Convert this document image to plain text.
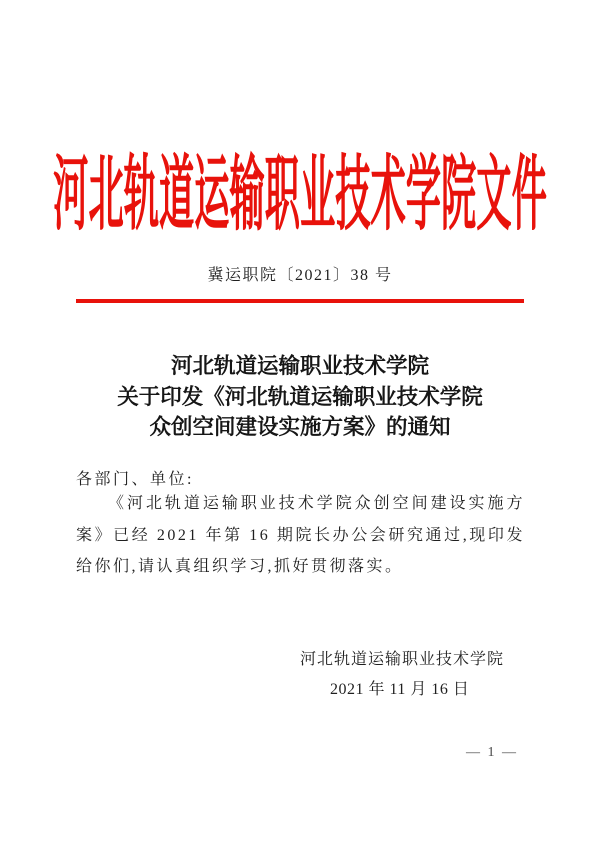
河北轨道运输职业技术学院文件
冀运职院〔2021〕38 号
河北轨道运输职业技术学院
关于印发《河北轨道运输职业技术学院
众创空间建设实施方案》的通知
各部门、单位:
《河北轨道运输职业技术学院众创空间建设实施方案》已经 2021 年第 16 期院长办公会研究通过,现印发给你们,请认真组织学习,抓好贯彻落实。
河北轨道运输职业技术学院
2021 年 11 月 16 日
— 1 —
